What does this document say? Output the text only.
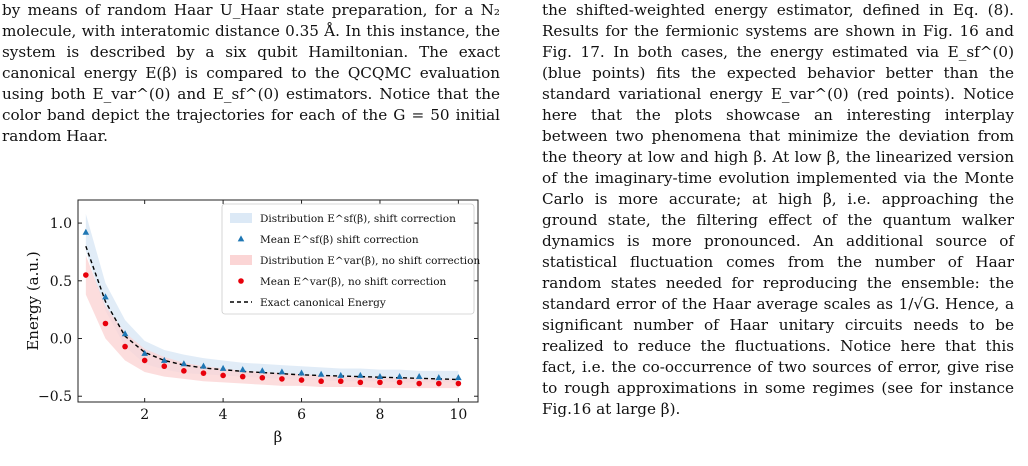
by means of random Haar U_Haar state preparation, for a N₂ molecule, with interatomic distance 0.35 Å. In this instance, the system is described by a six qubit Hamiltonian. The exact canonical energy E(β) is compared to the QCQMC evaluation using both E_var^(0) and E_sf^(0) estimators. Notice that the color band depict the trajectories for each of the G = 50 initial random Haar.

the shifted-weighted energy estimator, defined in Eq. (8). Results for the fermionic systems are shown in Fig. 16 and Fig. 17. In both cases, the energy estimated via E_sf^(0) (blue points) fits the expected behavior better than the standard variational energy E_var^(0) (red points). Notice here that the plots showcase an interesting interplay between two phenomena that minimize the deviation from the theory at low and high β. At low β, the linearized version of the imaginary-time evolution implemented via the Monte Carlo is more accurate; at high β, i.e. approaching the ground state, the filtering effect of the quantum walker dynamics is more pronounced. An additional source of statistical fluctuation comes from the number of Haar random states needed for reproducing the ensemble: the standard error of the Haar average scales as 1/√G. Hence, a significant number of Haar unitary circuits needs to be realized to reduce the fluctuations. Notice here that this fact, i.e. the co-occurrence of two sources of error, give rise to rough approximations in some regimes (see for instance Fig.16 at large β).

2	4	6	8	10
−0.5
0.0
0.5
1.0
β
Energy (a.u.)
Distribution E^sf(β), shift correction
Mean E^sf(β) shift correction
Distribution E^var(β), no shift correction
Mean E^var(β), no shift correction
Exact canonical Energy
